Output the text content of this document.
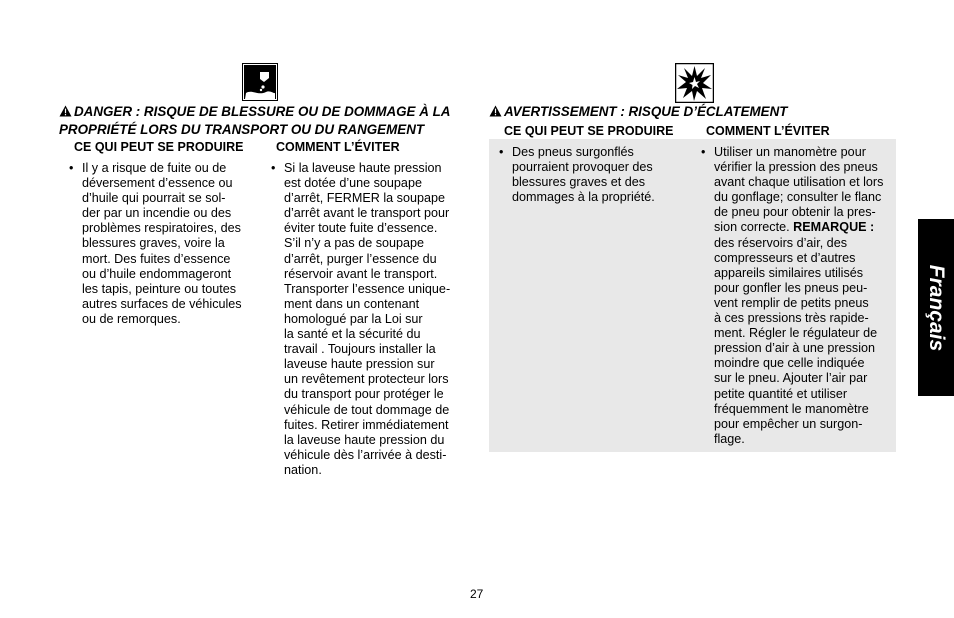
DANGER : RISQUE DE BLESSURE OU DE DOMMAGE À LA
PROPRIÉTÉ LORS DU TRANSPORT OU DU RANGEMENT
CE QUI PEUT SE PRODUIRE	COMMENT L’ÉVITER
• Il y a risque de fuite ou de
déversement d’essence ou
d’huile qui pourrait se sol-
der par un incendie ou des
problèmes respiratoires, des
blessures graves, voire la
mort. Des fuites d’essence
ou d’huile endommageront
les tapis, peinture ou toutes
autres surfaces de véhicules
ou de remorques.
• Si la laveuse haute pression
est dotée d’une soupape
d’arrêt, FERMER la soupape
d’arrêt avant le transport pour
éviter toute fuite d’essence.
S’il n’y a pas de soupape
d’arrêt, purger l’essence du
réservoir avant le transport.
Transporter l’essence unique-
ment dans un contenant
homologué par la Loi sur
la santé et la sécurité du
travail . Toujours installer la
laveuse haute pression sur
un revêtement protecteur lors
du transport pour protéger le
véhicule de tout dommage de
fuites. Retirer immédiatement
la laveuse haute pression du
véhicule dès l’arrivée à desti-
nation.
AVERTISSEMENT : RISQUE D’ÉCLATEMENT
CE QUI PEUT SE PRODUIRE	COMMENT L’ÉVITER
• Des pneus surgonflés
pourraient provoquer des
blessures graves et des
dommages à la propriété.
• Utiliser un manomètre pour
vérifier la pression des pneus
avant chaque utilisation et lors
du gonflage; consulter le flanc
de pneu pour obtenir la pres-
sion correcte. REMARQUE :
des réservoirs d’air, des
compresseurs et d’autres
appareils similaires utilisés
pour gonfler les pneus peu-
vent remplir de petits pneus
à ces pressions très rapide-
ment. Régler le régulateur de
pression d’air à une pression
moindre que celle indiquée
sur le pneu. Ajouter l’air par
petite quantité et utiliser
fréquemment le manomètre
pour empêcher un surgon-
flage.
Français
27
